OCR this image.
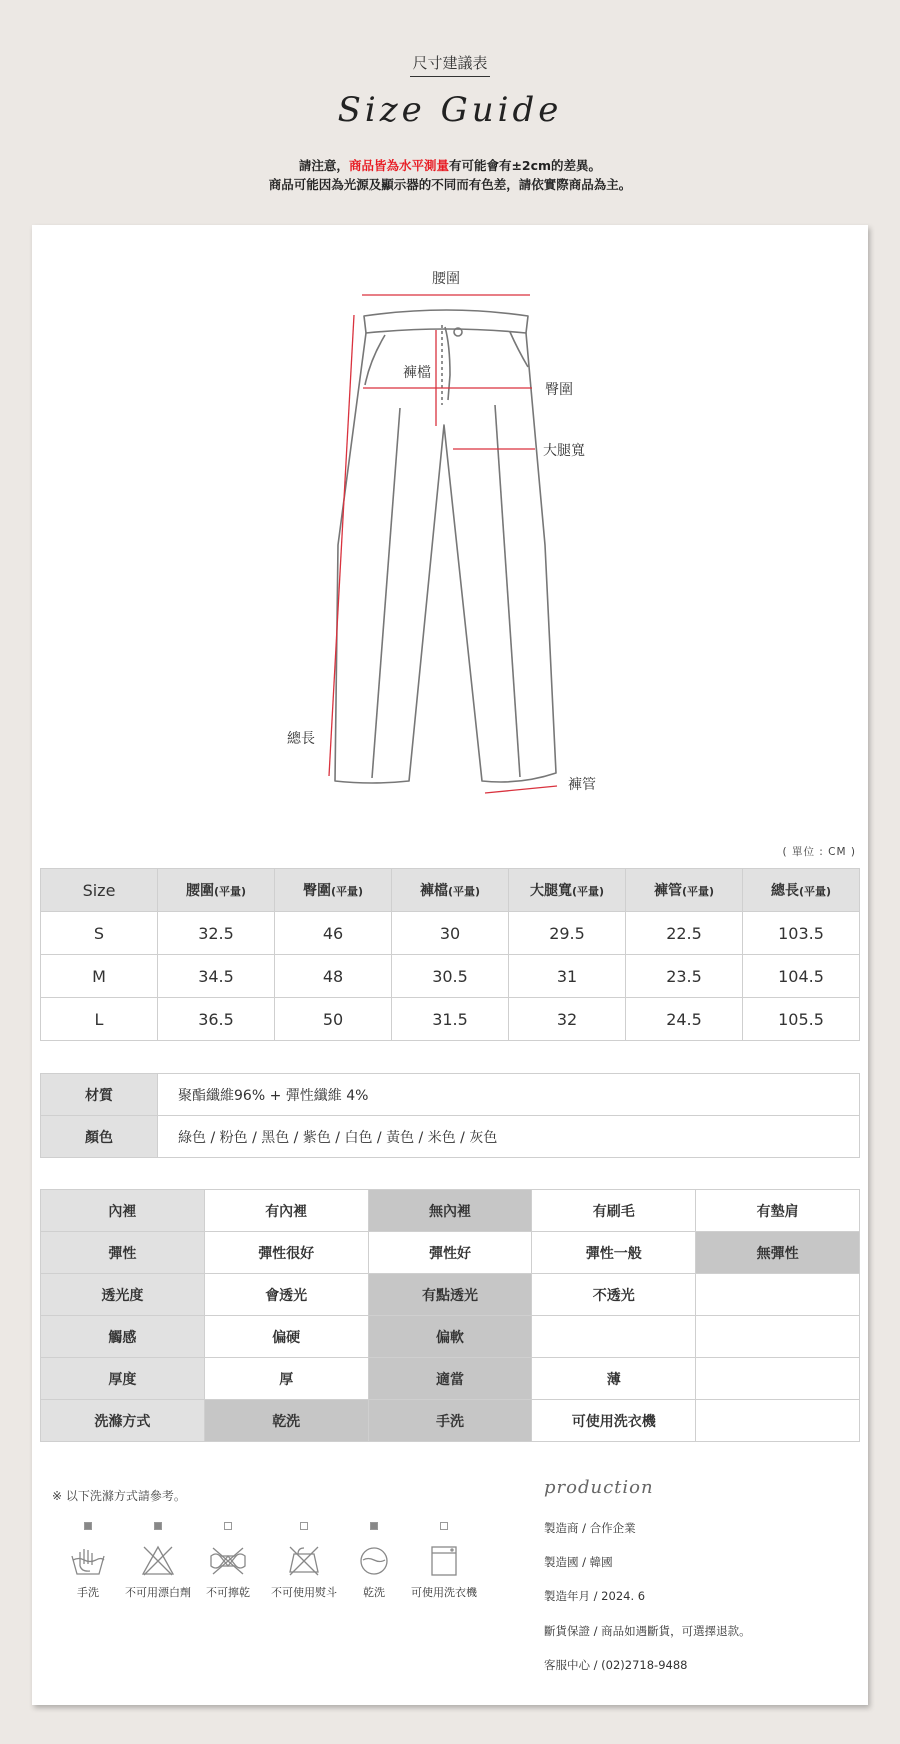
尺寸建議表
Size Guide
請注意，商品皆為水平測量有可能會有±2cm的差異。
商品可能因為光源及顯示器的不同而有色差，請依實際商品為主。
腰圍
褲檔
臀圍
大腿寬
總長
褲管
( 單位 : CM )
Size	腰圍(平量)	臀圍(平量)	褲檔(平量)	大腿寬(平量)	褲管(平量)	總長(平量)
S	32.5	46	30	29.5	22.5	103.5
M	34.5	48	30.5	31	23.5	104.5
L	36.5	50	31.5	32	24.5	105.5
材質	聚酯纖維96% + 彈性纖維 4%
顏色	綠色 / 粉色 / 黑色 / 紫色 / 白色 / 黃色 / 米色 / 灰色
內裡	有內裡	無內裡	有刷毛	有墊肩
彈性	彈性很好	彈性好	彈性一般	無彈性
透光度	會透光	有點透光	不透光	
觸感	偏硬	偏軟		
厚度	厚	適當	薄	
洗滌方式	乾洗	手洗	可使用洗衣機	
※ 以下洗滌方式請參考。
手洗	不可用漂白劑	不可擰乾	不可使用熨斗	乾洗	可使用洗衣機
production
製造商 / 合作企業
製造國 / 韓國
製造年月 / 2024. 6
斷貨保證 / 商品如遇斷貨，可選擇退款。
客服中心 / (02)2718-9488
